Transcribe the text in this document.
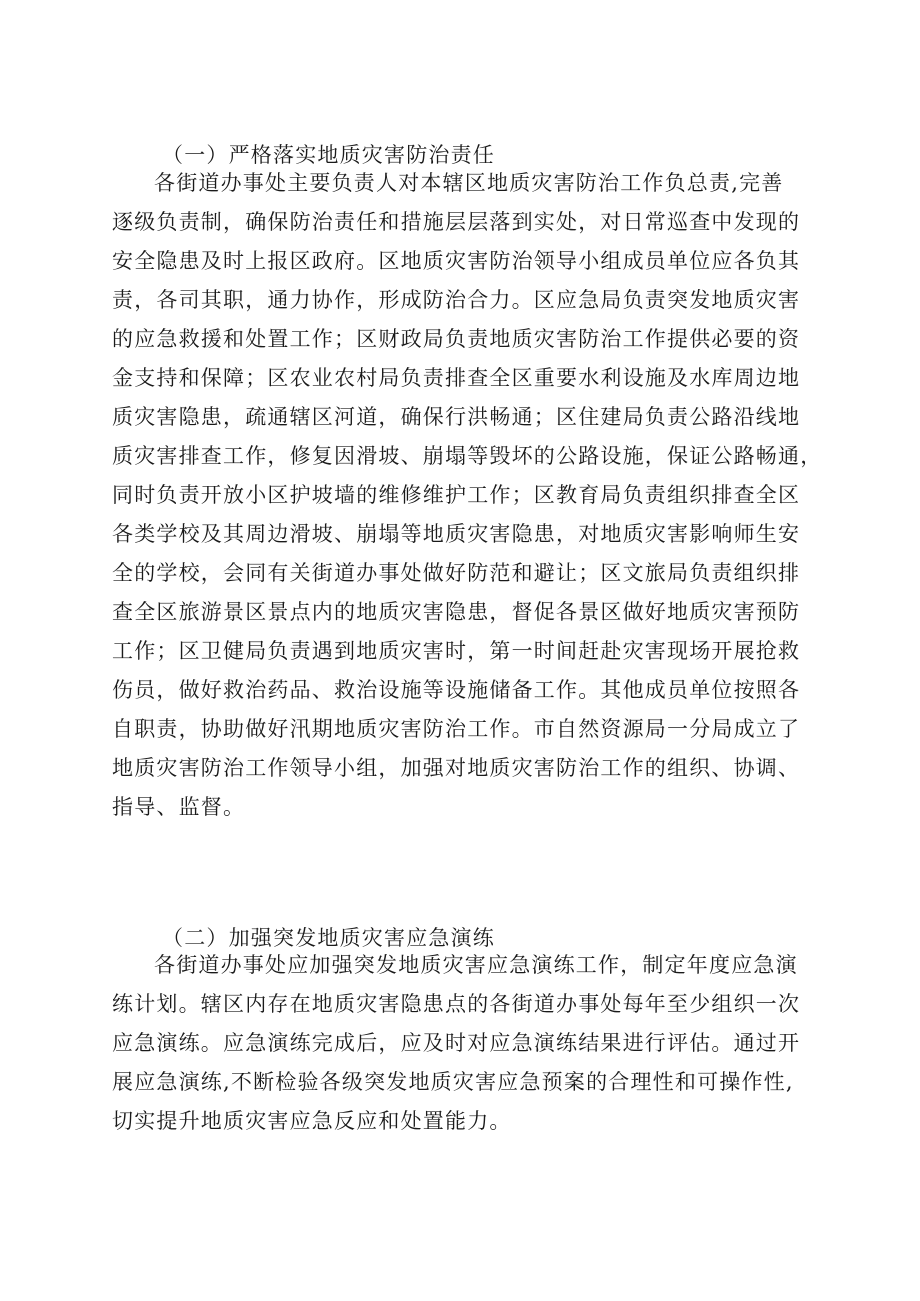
（一）严格落实地质灾害防治责任
各街道办事处主要负责人对本辖区地质灾害防治工作负总责,完善
逐级负责制，确保防治责任和措施层层落到实处，对日常巡查中发现的
安全隐患及时上报区政府。区地质灾害防治领导小组成员单位应各负其
责，各司其职，通力协作，形成防治合力。区应急局负责突发地质灾害
的应急救援和处置工作；区财政局负责地质灾害防治工作提供必要的资
金支持和保障；区农业农村局负责排查全区重要水利设施及水库周边地
质灾害隐患，疏通辖区河道，确保行洪畅通；区住建局负责公路沿线地
质灾害排查工作，修复因滑坡、崩塌等毁坏的公路设施，保证公路畅通，
同时负责开放小区护坡墙的维修维护工作；区教育局负责组织排查全区
各类学校及其周边滑坡、崩塌等地质灾害隐患，对地质灾害影响师生安
全的学校，会同有关街道办事处做好防范和避让；区文旅局负责组织排
查全区旅游景区景点内的地质灾害隐患，督促各景区做好地质灾害预防
工作；区卫健局负责遇到地质灾害时，第一时间赶赴灾害现场开展抢救
伤员，做好救治药品、救治设施等设施储备工作。其他成员单位按照各
自职责，协助做好汛期地质灾害防治工作。市自然资源局一分局成立了
地质灾害防治工作领导小组，加强对地质灾害防治工作的组织、协调、
指导、监督。
（二）加强突发地质灾害应急演练
各街道办事处应加强突发地质灾害应急演练工作，制定年度应急演
练计划。辖区内存在地质灾害隐患点的各街道办事处每年至少组织一次
应急演练。应急演练完成后，应及时对应急演练结果进行评估。通过开
展应急演练,不断检验各级突发地质灾害应急预案的合理性和可操作性,
切实提升地质灾害应急反应和处置能力。
